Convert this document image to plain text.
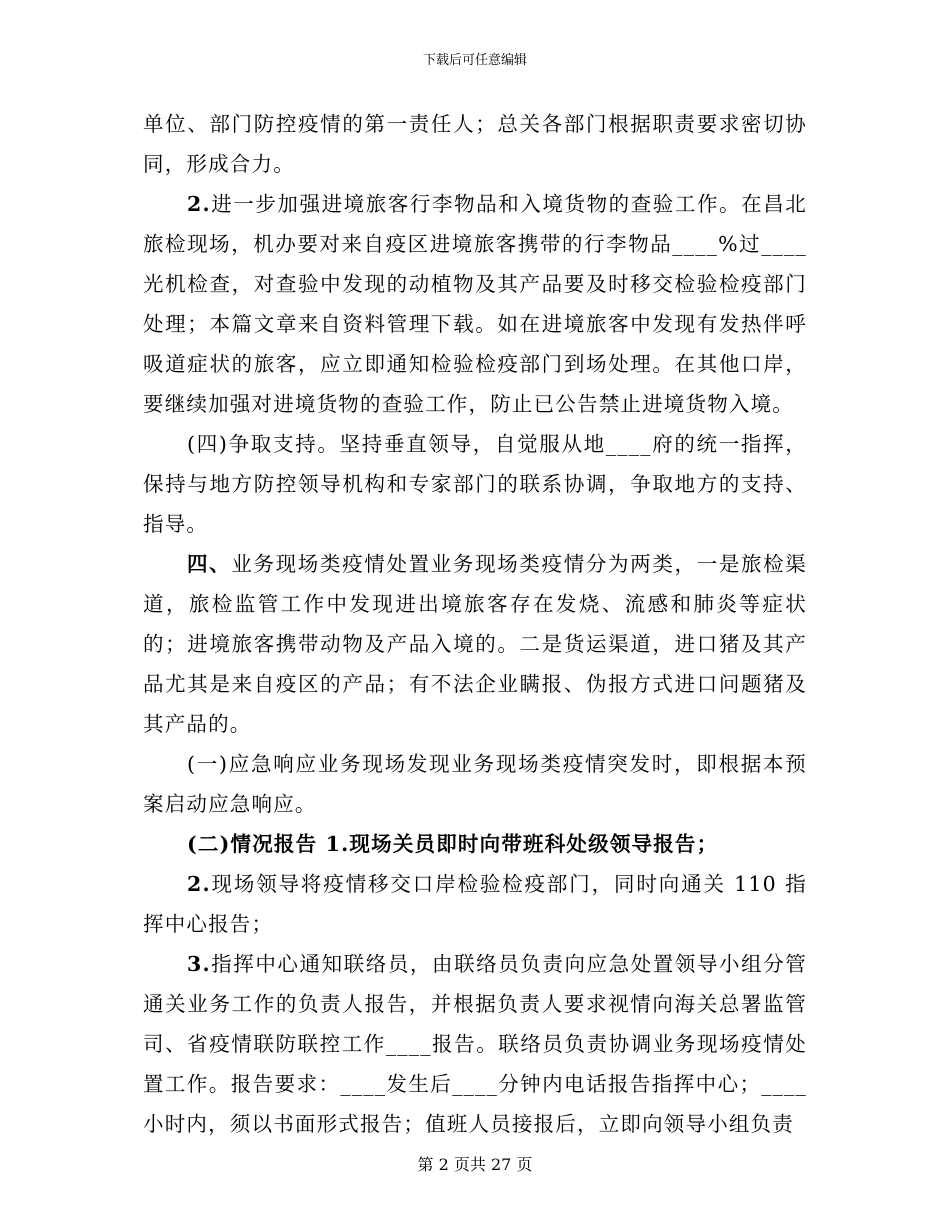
下载后可任意编辑

单位、部门防控疫情的第一责任人；总关各部门根据职责要求密切协同，形成合力。

2.进一步加强进境旅客行李物品和入境货物的查验工作。在昌北旅检现场，机办要对来自疫区进境旅客携带的行李物品____%过____光机检查，对查验中发现的动植物及其产品要及时移交检验检疫部门处理；本篇文章来自资料管理下载。如在进境旅客中发现有发热伴呼吸道症状的旅客，应立即通知检验检疫部门到场处理。在其他口岸，要继续加强对进境货物的查验工作，防止已公告禁止进境货物入境。

(四)争取支持。坚持垂直领导，自觉服从地____府的统一指挥，保持与地方防控领导机构和专家部门的联系协调，争取地方的支持、指导。

四、业务现场类疫情处置业务现场类疫情分为两类，一是旅检渠道，旅检监管工作中发现进出境旅客存在发烧、流感和肺炎等症状的；进境旅客携带动物及产品入境的。二是货运渠道，进口猪及其产品尤其是来自疫区的产品；有不法企业瞒报、伪报方式进口问题猪及其产品的。

(一)应急响应业务现场发现业务现场类疫情突发时，即根据本预案启动应急响应。

(二)情况报告 1.现场关员即时向带班科处级领导报告；

2.现场领导将疫情移交口岸检验检疫部门，同时向通关 110 指挥中心报告；

3.指挥中心通知联络员，由联络员负责向应急处置领导小组分管通关业务工作的负责人报告，并根据负责人要求视情向海关总署监管司、省疫情联防联控工作____报告。联络员负责协调业务现场疫情处置工作。报告要求：____发生后____分钟内电话报告指挥中心；____小时内，须以书面形式报告；值班人员接报后，立即向领导小组负责

第 2 页共 27 页
